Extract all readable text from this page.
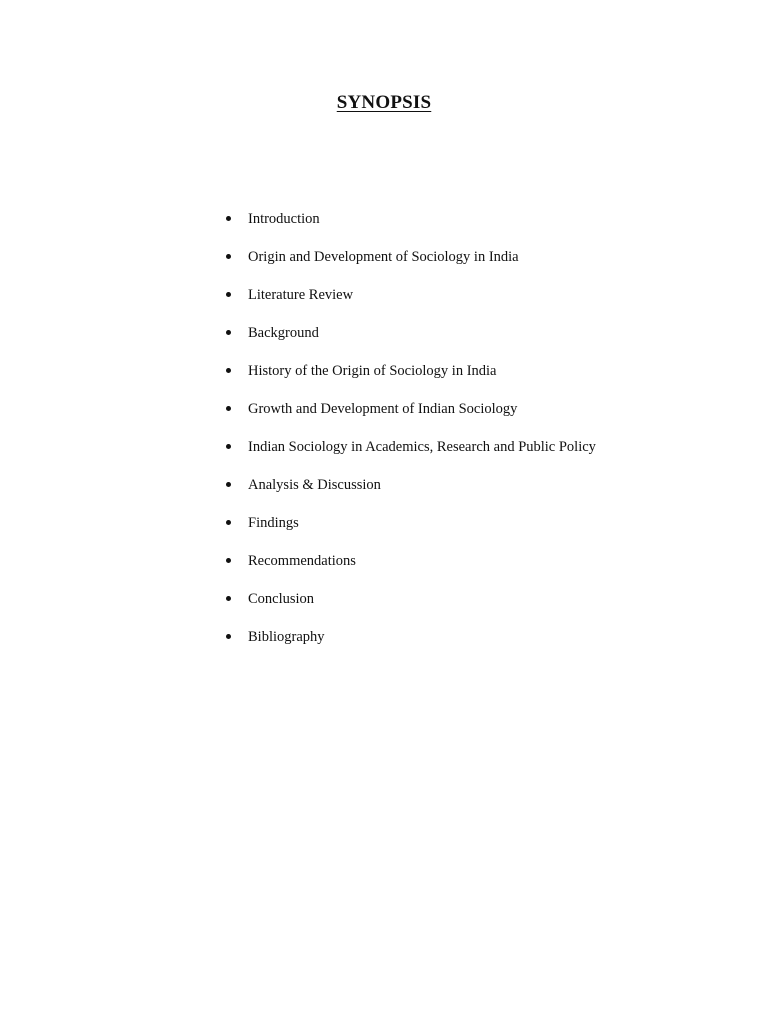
SYNOPSIS
Introduction
Origin and Development of Sociology in India
Literature Review
Background
History of the Origin of Sociology in India
Growth and Development of Indian Sociology
Indian Sociology in Academics, Research and Public Policy
Analysis & Discussion
Findings
Recommendations
Conclusion
Bibliography
